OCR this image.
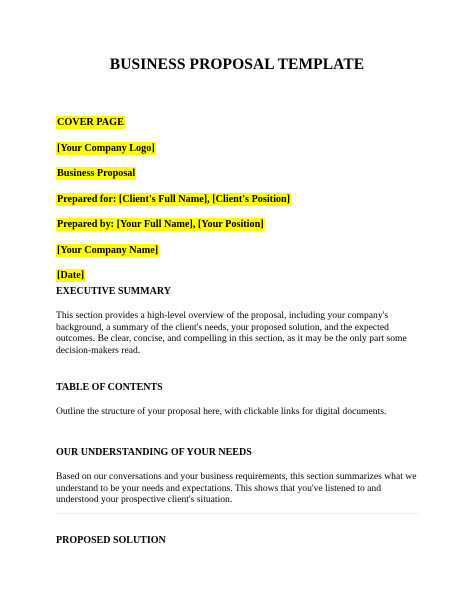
BUSINESS PROPOSAL TEMPLATE
COVER PAGE
[Your Company Logo]
Business Proposal
Prepared for: [Client's Full Name], [Client's Position]
Prepared by: [Your Full Name], [Your Position]
[Your Company Name]
[Date]
EXECUTIVE SUMMARY

This section provides a high-level overview of the proposal, including your company's background, a summary of the client's needs, your proposed solution, and the expected outcomes. Be clear, concise, and compelling in this section, as it may be the only part some decision-makers read.

TABLE OF CONTENTS

Outline the structure of your proposal here, with clickable links for digital documents.

OUR UNDERSTANDING OF YOUR NEEDS

Based on our conversations and your business requirements, this section summarizes what we understand to be your needs and expectations. This shows that you've listened to and understood your prospective client's situation.

PROPOSED SOLUTION
